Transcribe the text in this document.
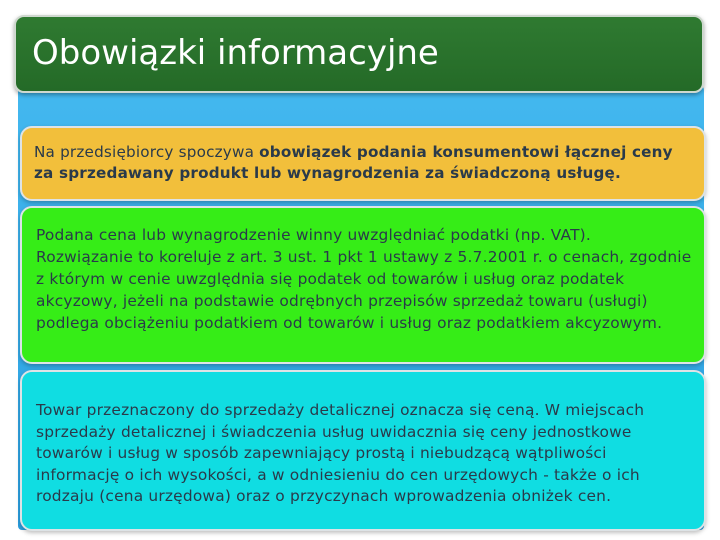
Obowiązki informacyjne

Na przedsiębiorcy spoczywa obowiązek podania konsumentowi łącznej ceny za sprzedawany produkt lub wynagrodzenia za świadczoną usługę.

Podana cena lub wynagrodzenie winny uwzględniać podatki (np. VAT). Rozwiązanie to koreluje z art. 3 ust. 1 pkt 1 ustawy z 5.7.2001 r. o cenach, zgodnie z którym w cenie uwzględnia się podatek od towarów i usług oraz podatek akcyzowy, jeżeli na podstawie odrębnych przepisów sprzedaż towaru (usługi) podlega obciążeniu podatkiem od towarów i usług oraz podatkiem akcyzowym.

Towar przeznaczony do sprzedaży detalicznej oznacza się ceną. W miejscach sprzedaży detalicznej i świadczenia usług uwidacznia się ceny jednostkowe towarów i usług w sposób zapewniający prostą i niebudzącą wątpliwości informację o ich wysokości, a w odniesieniu do cen urzędowych - także o ich rodzaju (cena urzędowa) oraz o przyczynach wprowadzenia obniżek cen.
